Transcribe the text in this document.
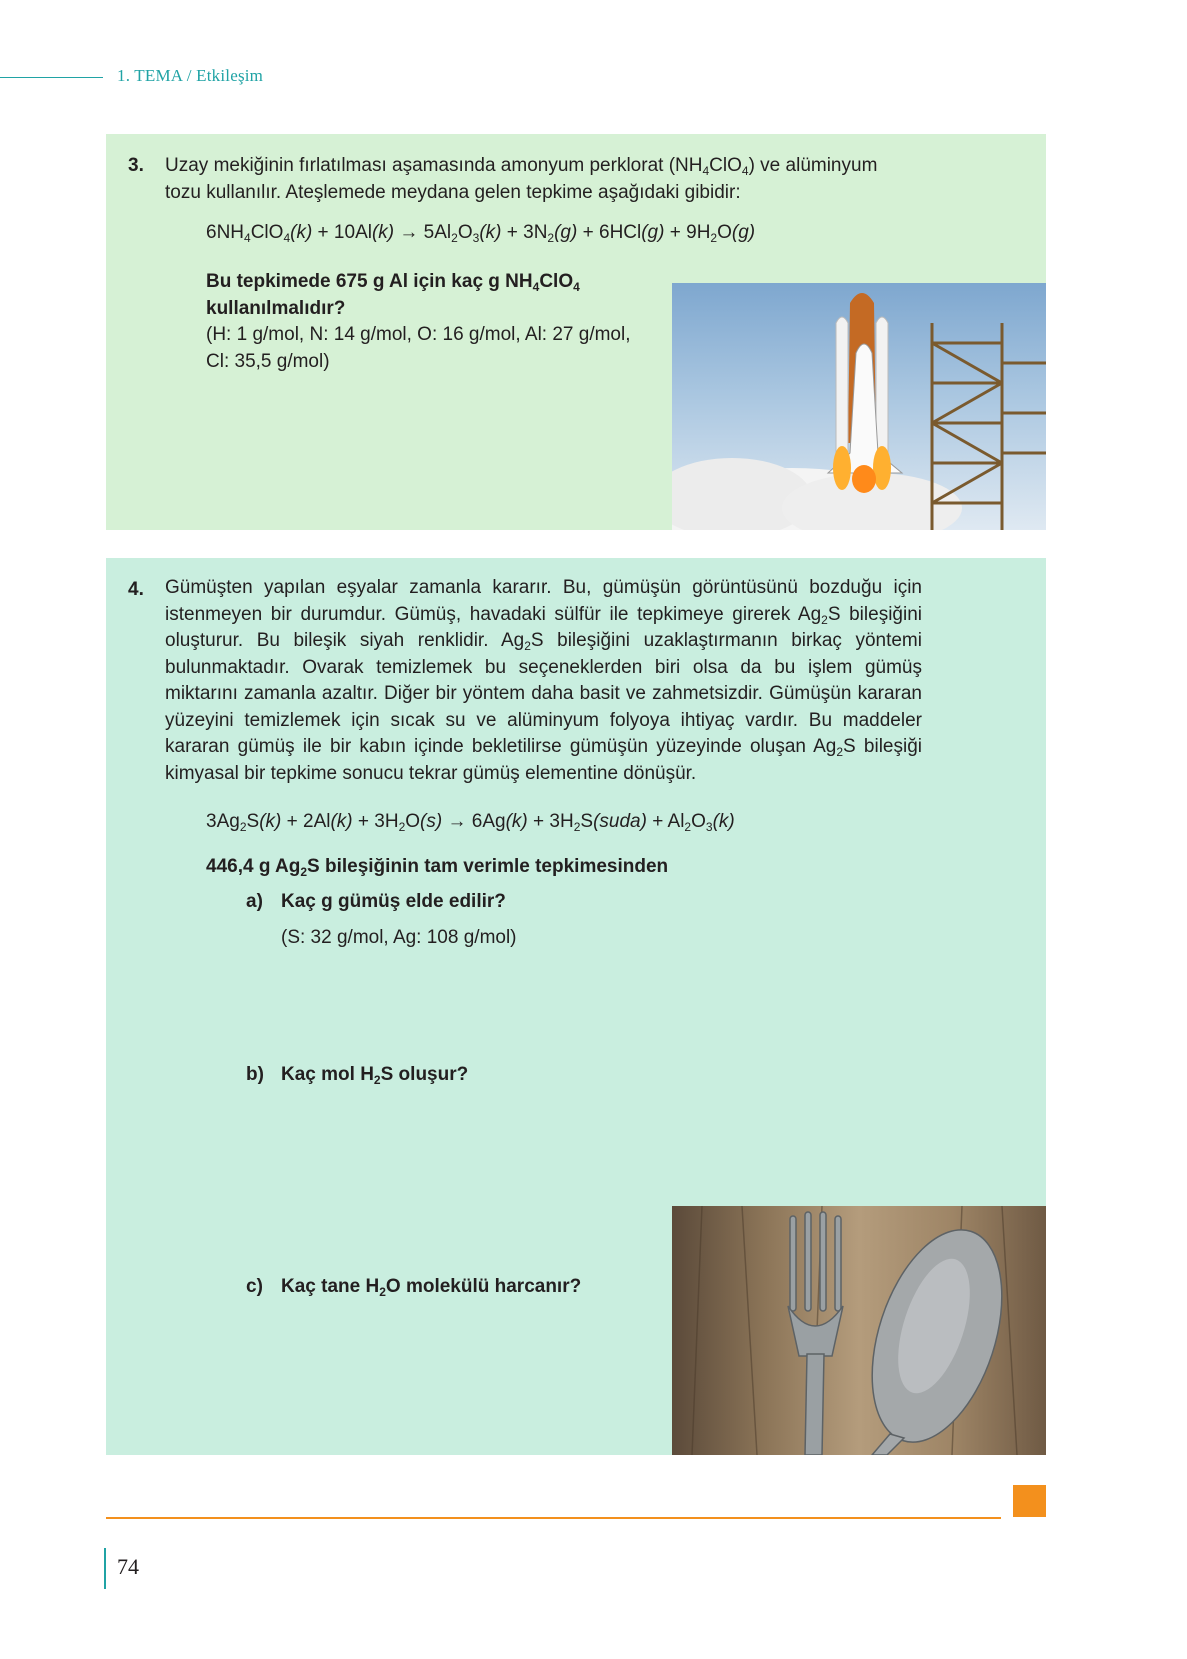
1. TEMA / Etkileşim
3. Uzay mekiğinin fırlatılması aşamasında amonyum perklorat $(NH_4ClO_4)$ ve alüminyum
tozu kullanılır. Ateşlemede meydana gelen tepkime aşağıdaki gibidir:
$6NH_4ClO_4(k) + 10Al(k) \to 5Al_2O_3(k) + 3N_2(g) + 6HCl(g) + 9H_2O(g)$
Bu tepkimede 675 g Al için kaç g $NH_4ClO_4$
kullanılmalıdır?
(H: 1 g/mol, N: 14 g/mol, O: 16 g/mol, Al: 27 g/mol, Cl: 35,5 g/mol)
4. Gümüşten yapılan eşyalar zamanla kararır. Bu, gümüşün görüntüsünü bozduğu için istenmeyen bir durumdur. Gümüş, havadaki sülfür ile tepkimeye girerek $Ag_2S$ bileşiğini oluşturur. Bu bileşik siyah renklidir. $Ag_2S$ bileşiğini uzaklaştırmanın birkaç yöntemi bulunmaktadır. Ovarak temizlemek bu seçeneklerden biri olsa da bu işlem gümüş miktarını zamanla azaltır. Diğer bir yöntem daha basit ve zahmetsizdir. Gümüşün kararan yüzeyini temizlemek için sıcak su ve alüminyum folyoya ihtiyaç vardır. Bu maddeler kararan gümüş ile bir kabın içinde bekletilirse gümüşün yüzeyinde oluşan $Ag_2S$ bileşiği kimyasal bir tepkime sonucu tekrar gümüş elementine dönüşür.
$3Ag_2S(k) + 2Al(k) + 3H_2O(s) \to 6Ag(k)$ + $3H_2S(suda) + Al_2O_3(k)$
446,4 g $Ag_2S$ bileşiğinin tam verimle tepkimesinden
a) Kaç g gümüş elde edilir?
(S: 32 g/mol, Ag: 108 g/mol)
b) Kaç mol $H_2S$ oluşur?
c) Kaç tane $H_2O$ molekülü harcanır?
74
